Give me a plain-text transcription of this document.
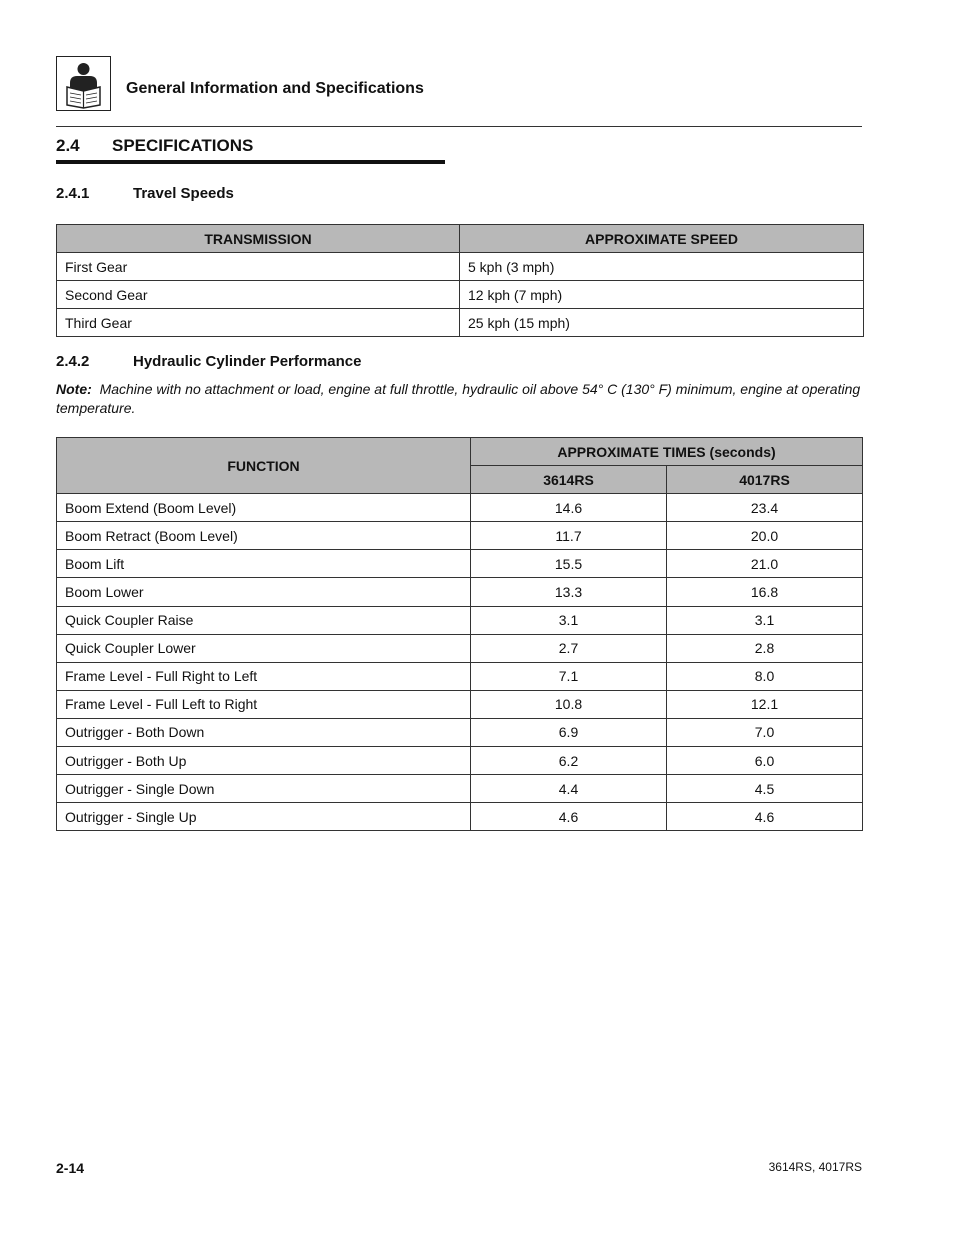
General Information and Specifications
2.4 SPECIFICATIONS
2.4.1	Travel Speeds
TRANSMISSION	APPROXIMATE SPEED
First Gear	5 kph (3 mph)
Second Gear	12 kph (7 mph)
Third Gear	25 kph (15 mph)
2.4.2	Hydraulic Cylinder Performance
Note: Machine with no attachment or load, engine at full throttle, hydraulic oil above 54° C (130° F) minimum, engine at operating temperature.
FUNCTION	APPROXIMATE TIMES (seconds)	
	3614RS	4017RS
Boom Extend (Boom Level)	14.6	23.4
Boom Retract (Boom Level)	11.7	20.0
Boom Lift	15.5	21.0
Boom Lower	13.3	16.8
Quick Coupler Raise	3.1	3.1
Quick Coupler Lower	2.7	2.8
Frame Level - Full Right to Left	7.1	8.0
Frame Level - Full Left to Right	10.8	12.1
Outrigger - Both Down	6.9	7.0
Outrigger - Both Up	6.2	6.0
Outrigger - Single Down	4.4	4.5
Outrigger - Single Up	4.6	4.6
2-14	3614RS, 4017RS
